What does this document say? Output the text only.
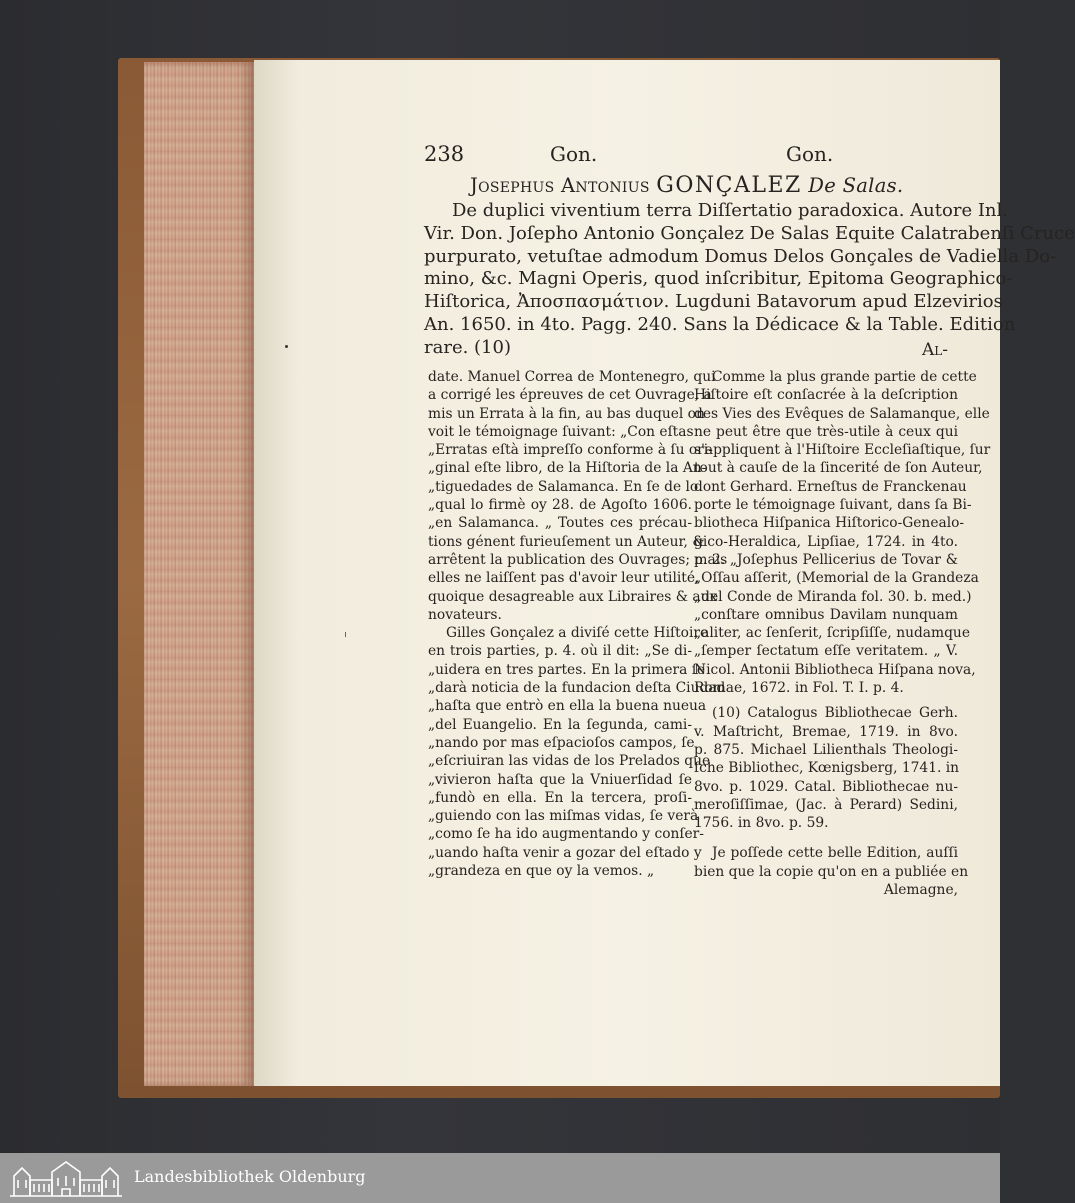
238	Gon.	Gon.
Josephus Antonius GONÇALEZ De Salas.
De duplici viventium terra Diſſertatio paradoxica. Autore Inl.
Vir. Don. Joſepho Antonio Gonçalez De Salas Equite Calatrabenſi Cruce
purpurato, vetuſtae admodum Domus Delos Gonçales de Vadiella Do-
mino, &c. Magni Operis, quod inſcribitur, Epitoma Geographico-
Hiſtorica, Ἀποσπασμάτιον. Lugduni Batavorum apud Elzevirios
An. 1650. in 4to. Pagg. 240. Sans la Dédicace & la Table. Edition
rare. (10)	Al-
date. Manuel Correa de Montenegro, qui
a corrigé les épreuves de cet Ouvrage, a
mis un Errata à la fin, au bas duquel on
voit le témoignage ſuivant: „Con eſtas
„Erratas eſtà impreſſo conforme à ſu ori-
„ginal eſte libro, de la Hiſtoria de la An-
„tiguedades de Salamanca. En ſe de lo
„qual lo firmè oy 28. de Agoſto 1606.
„en Salamanca. „ Toutes ces précau-
tions génent furieuſement un Auteur, &
arrêtent la publication des Ouvrages; mais
elles ne laiſſent pas d'avoir leur utilité,
quoique desagreable aux Libraires & aux
novateurs.
Gilles Gonçalez a diviſé cette Hiſtoire
en trois parties, p. 4. où il dit: „Se di-
„uidera en tres partes. En la primera ſe
„darà noticia de la fundacion deſta Ciudad
„haſta que entrò en ella la buena nueua
„del Euangelio. En la ſegunda, cami-
„nando por mas eſpacioſos campos, ſe
„eſcriuiran las vidas de los Prelados que
„vivieron haſta que la Vniuerſidad ſe
„fundò en ella. En la tercera, proſi-
„guiendo con las miſmas vidas, ſe verà
„como ſe ha ido augmentando y conſer-
„uando haſta venir a gozar del eſtado y
„grandeza en que oy la vemos. „
Comme la plus grande partie de cette
Hiſtoire eſt conſacrée à la deſcription
des Vies des Evêques de Salamanque, elle
ne peut être que très-utile à ceux qui
s'appliquent à l'Hiſtoire Eccleſiaſtique, ſur
tout à cauſe de la ſincerité de ſon Auteur,
dont Gerhard. Erneſtus de Franckenau
porte le témoignage ſuivant, dans ſa Bi-
bliotheca Hiſpanica Hiſtorico-Genealo-
gico-Heraldica, Lipſiae, 1724. in 4to.
p. 2. „Joſephus Pellicerius de Tovar &
„Oſſau aſſerit, (Memorial de la Grandeza
„del Conde de Miranda fol. 30. b. med.)
„conſtare omnibus Davilam nunquam
„aliter, ac ſenſerit, ſcripſiſſe, nudamque
„ſemper ſectatum eſſe veritatem. „ V.
Nicol. Antonii Bibliotheca Hiſpana nova,
Romae, 1672. in Fol. T. I. p. 4.
(10) Catalogus Bibliothecae Gerh.
v. Maſtricht, Bremae, 1719. in 8vo.
p. 875. Michael Lilienthals Theologi-
ſche Bibliothec, Kœnigsberg, 1741. in
8vo. p. 1029. Catal. Bibliothecae nu-
meroſiſſimae, (Jac. à Perard) Sedini,
1756. in 8vo. p. 59.
Je poſſede cette belle Edition, auſſi
bien que la copie qu'on en a publiée en
Alemagne,
Landesbibliothek Oldenburg
